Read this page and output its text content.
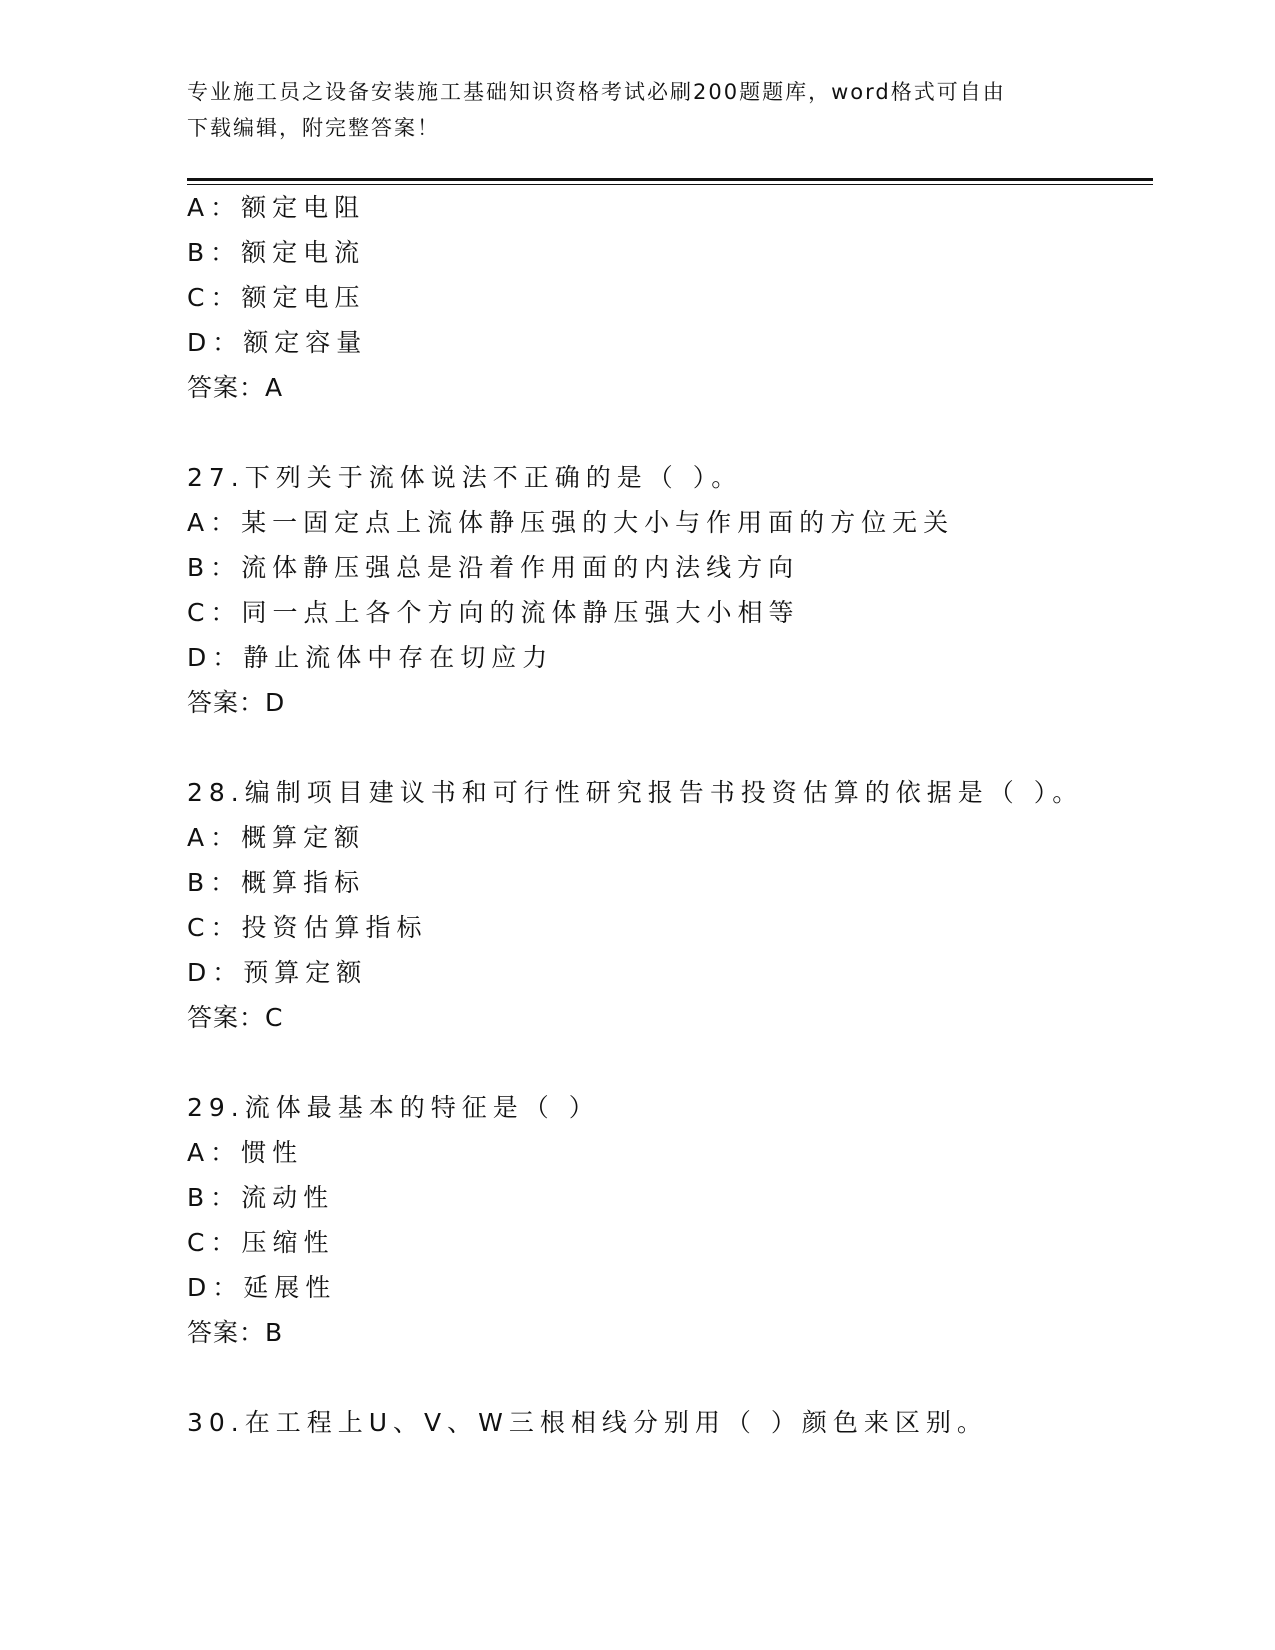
专业施工员之设备安装施工基础知识资格考试必刷200题题库，word格式可自由
下载编辑，附完整答案！
A：额定电阻
B：额定电流
C：额定电压
D：额定容量
答案：A
27.下列关于流体说法不正确的是（ ）。
A：某一固定点上流体静压强的大小与作用面的方位无关
B：流体静压强总是沿着作用面的内法线方向
C：同一点上各个方向的流体静压强大小相等
D：静止流体中存在切应力
答案：D
28.编制项目建议书和可行性研究报告书投资估算的依据是（ ）。
A：概算定额
B：概算指标
C：投资估算指标
D：预算定额
答案：C
29.流体最基本的特征是（ ）
A：惯性
B：流动性
C：压缩性
D：延展性
答案：B
30.在工程上U、V、W三根相线分别用（ ）颜色来区别。
